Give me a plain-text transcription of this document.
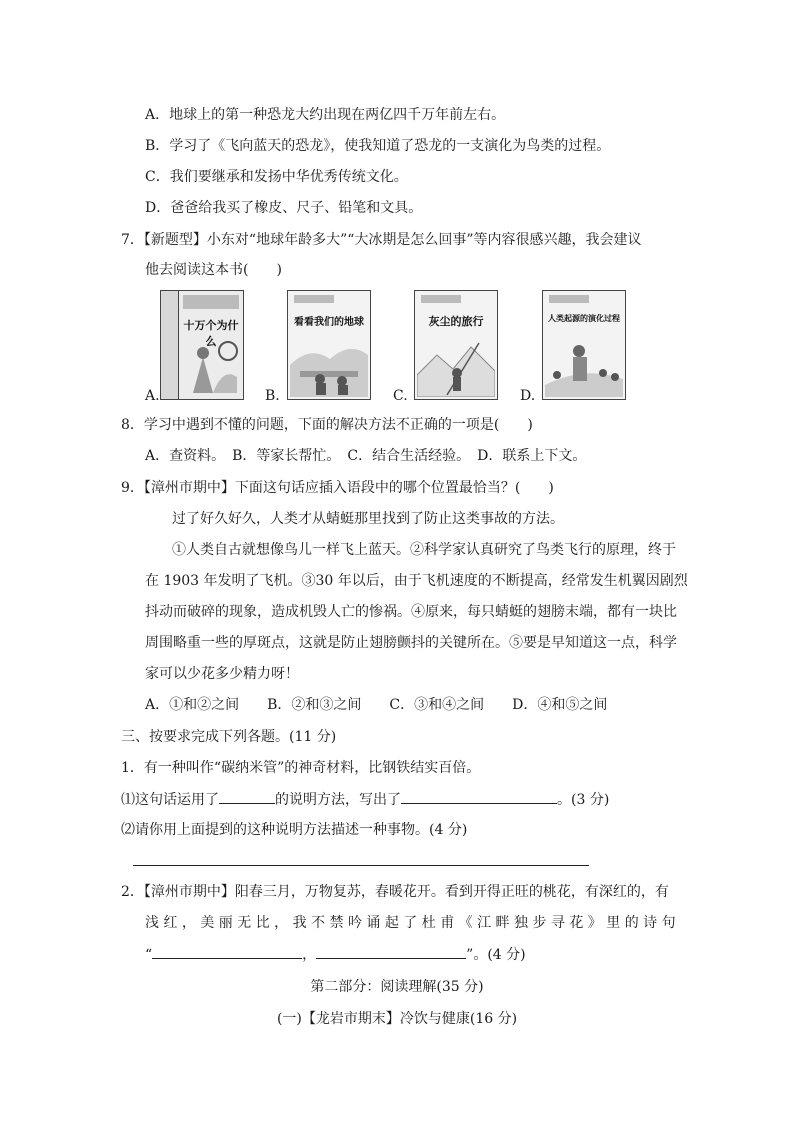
A．地球上的第一种恐龙大约出现在两亿四千万年前左右。
B．学习了《飞向蓝天的恐龙》，使我知道了恐龙的一支演化为鸟类的过程。
C．我们要继承和发扬中华优秀传统文化。
D．爸爸给我买了橡皮、尺子、铅笔和文具。
7．【新题型】小东对“地球年龄多大”“大冰期是怎么回事”等内容很感兴趣，我会建议
他去阅读这本书(　　)
A.
十万个为什么
B.
看看我们的地球
C.
灰尘的旅行
D.
人类起源的演化过程
8．学习中遇到不懂的问题，下面的解决方法不正确的一项是(　　)
A．查资料。　B．等家长帮忙。　C．结合生活经验。　D．联系上下文。
9．【漳州市期中】下面这句话应插入语段中的哪个位置最恰当？(　　)
过了好久好久，人类才从蜻蜓那里找到了防止这类事故的方法。
①人类自古就想像鸟儿一样飞上蓝天。②科学家认真研究了鸟类飞行的原理，终于
在 1903 年发明了飞机。③30 年以后，由于飞机速度的不断提高，经常发生机翼因剧烈
抖动而破碎的现象，造成机毁人亡的惨祸。④原来，每只蜻蜓的翅膀末端，都有一块比
周围略重一些的厚斑点，这就是防止翅膀颤抖的关键所在。⑤要是早知道这一点，科学
家可以少花多少精力呀！
A．①和②之间　　B．②和③之间　　C．③和④之间　　D．④和⑤之间
三、按要求完成下列各题。(11 分)
1．有一种叫作“碳纳米管”的神奇材料，比钢铁结实百倍。
⑴这句话运用了	的说明方法，写出了	。(3 分)
⑵请你用上面提到的这种说明方法描述一种事物。(4 分)
2．【漳州市期中】阳春三月，万物复苏，春暖花开。看到开得正旺的桃花，有深红的，有
浅 红 ， 美 丽 无 比 ， 我 不 禁 吟 诵 起 了 杜 甫 《 江 畔 独 步 寻 花 》 里 的 诗 句
“	，	”。(4 分)
第二部分：阅读理解(35 分)
(一)【龙岩市期末】冷饮与健康(16 分)
